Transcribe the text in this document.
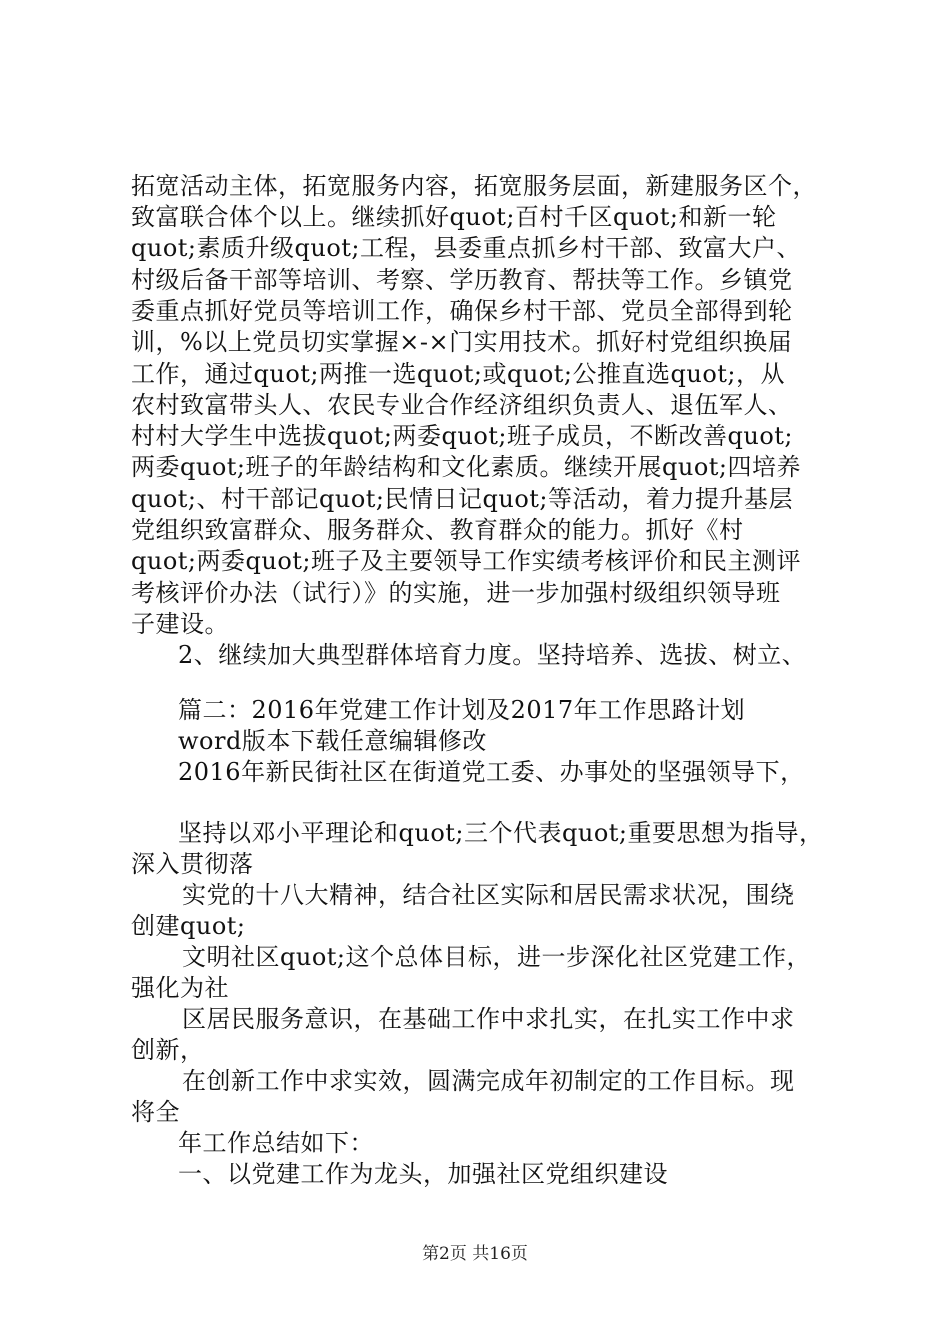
拓宽活动主体，拓宽服务内容，拓宽服务层面，新建服务区个，
致富联合体个以上。继续抓好quot;百村千区quot;和新一轮
quot;素质升级quot;工程，县委重点抓乡村干部、致富大户、
村级后备干部等培训、考察、学历教育、帮扶等工作。乡镇党
委重点抓好党员等培训工作，确保乡村干部、党员全部得到轮
训，%以上党员切实掌握×-×门实用技术。抓好村党组织换届
工作，通过quot;两推一选quot;或quot;公推直选quot;，从
农村致富带头人、农民专业合作经济组织负责人、退伍军人、
村村大学生中选拔quot;两委quot;班子成员，不断改善quot;
两委quot;班子的年龄结构和文化素质。继续开展quot;四培养
quot;、村干部记quot;民情日记quot;等活动，着力提升基层
党组织致富群众、服务群众、教育群众的能力。抓好《村
quot;两委quot;班子及主要领导工作实绩考核评价和民主测评
考核评价办法（试行）》的实施，进一步加强村级组织领导班
子建设。
2、继续加大典型群体培育力度。坚持培养、选拔、树立、
篇二：2016年党建工作计划及2017年工作思路计划
word版本下载任意编辑修改
2016年新民街社区在街道党工委、办事处的坚强领导下，
坚持以邓小平理论和quot;三个代表quot;重要思想为指导，
深入贯彻落
实党的十八大精神，结合社区实际和居民需求状况，围绕
创建quot;
文明社区quot;这个总体目标，进一步深化社区党建工作，
强化为社
区居民服务意识，在基础工作中求扎实，在扎实工作中求
创新，
在创新工作中求实效，圆满完成年初制定的工作目标。现
将全
年工作总结如下：
一、以党建工作为龙头，加强社区党组织建设
第2页 共16页
